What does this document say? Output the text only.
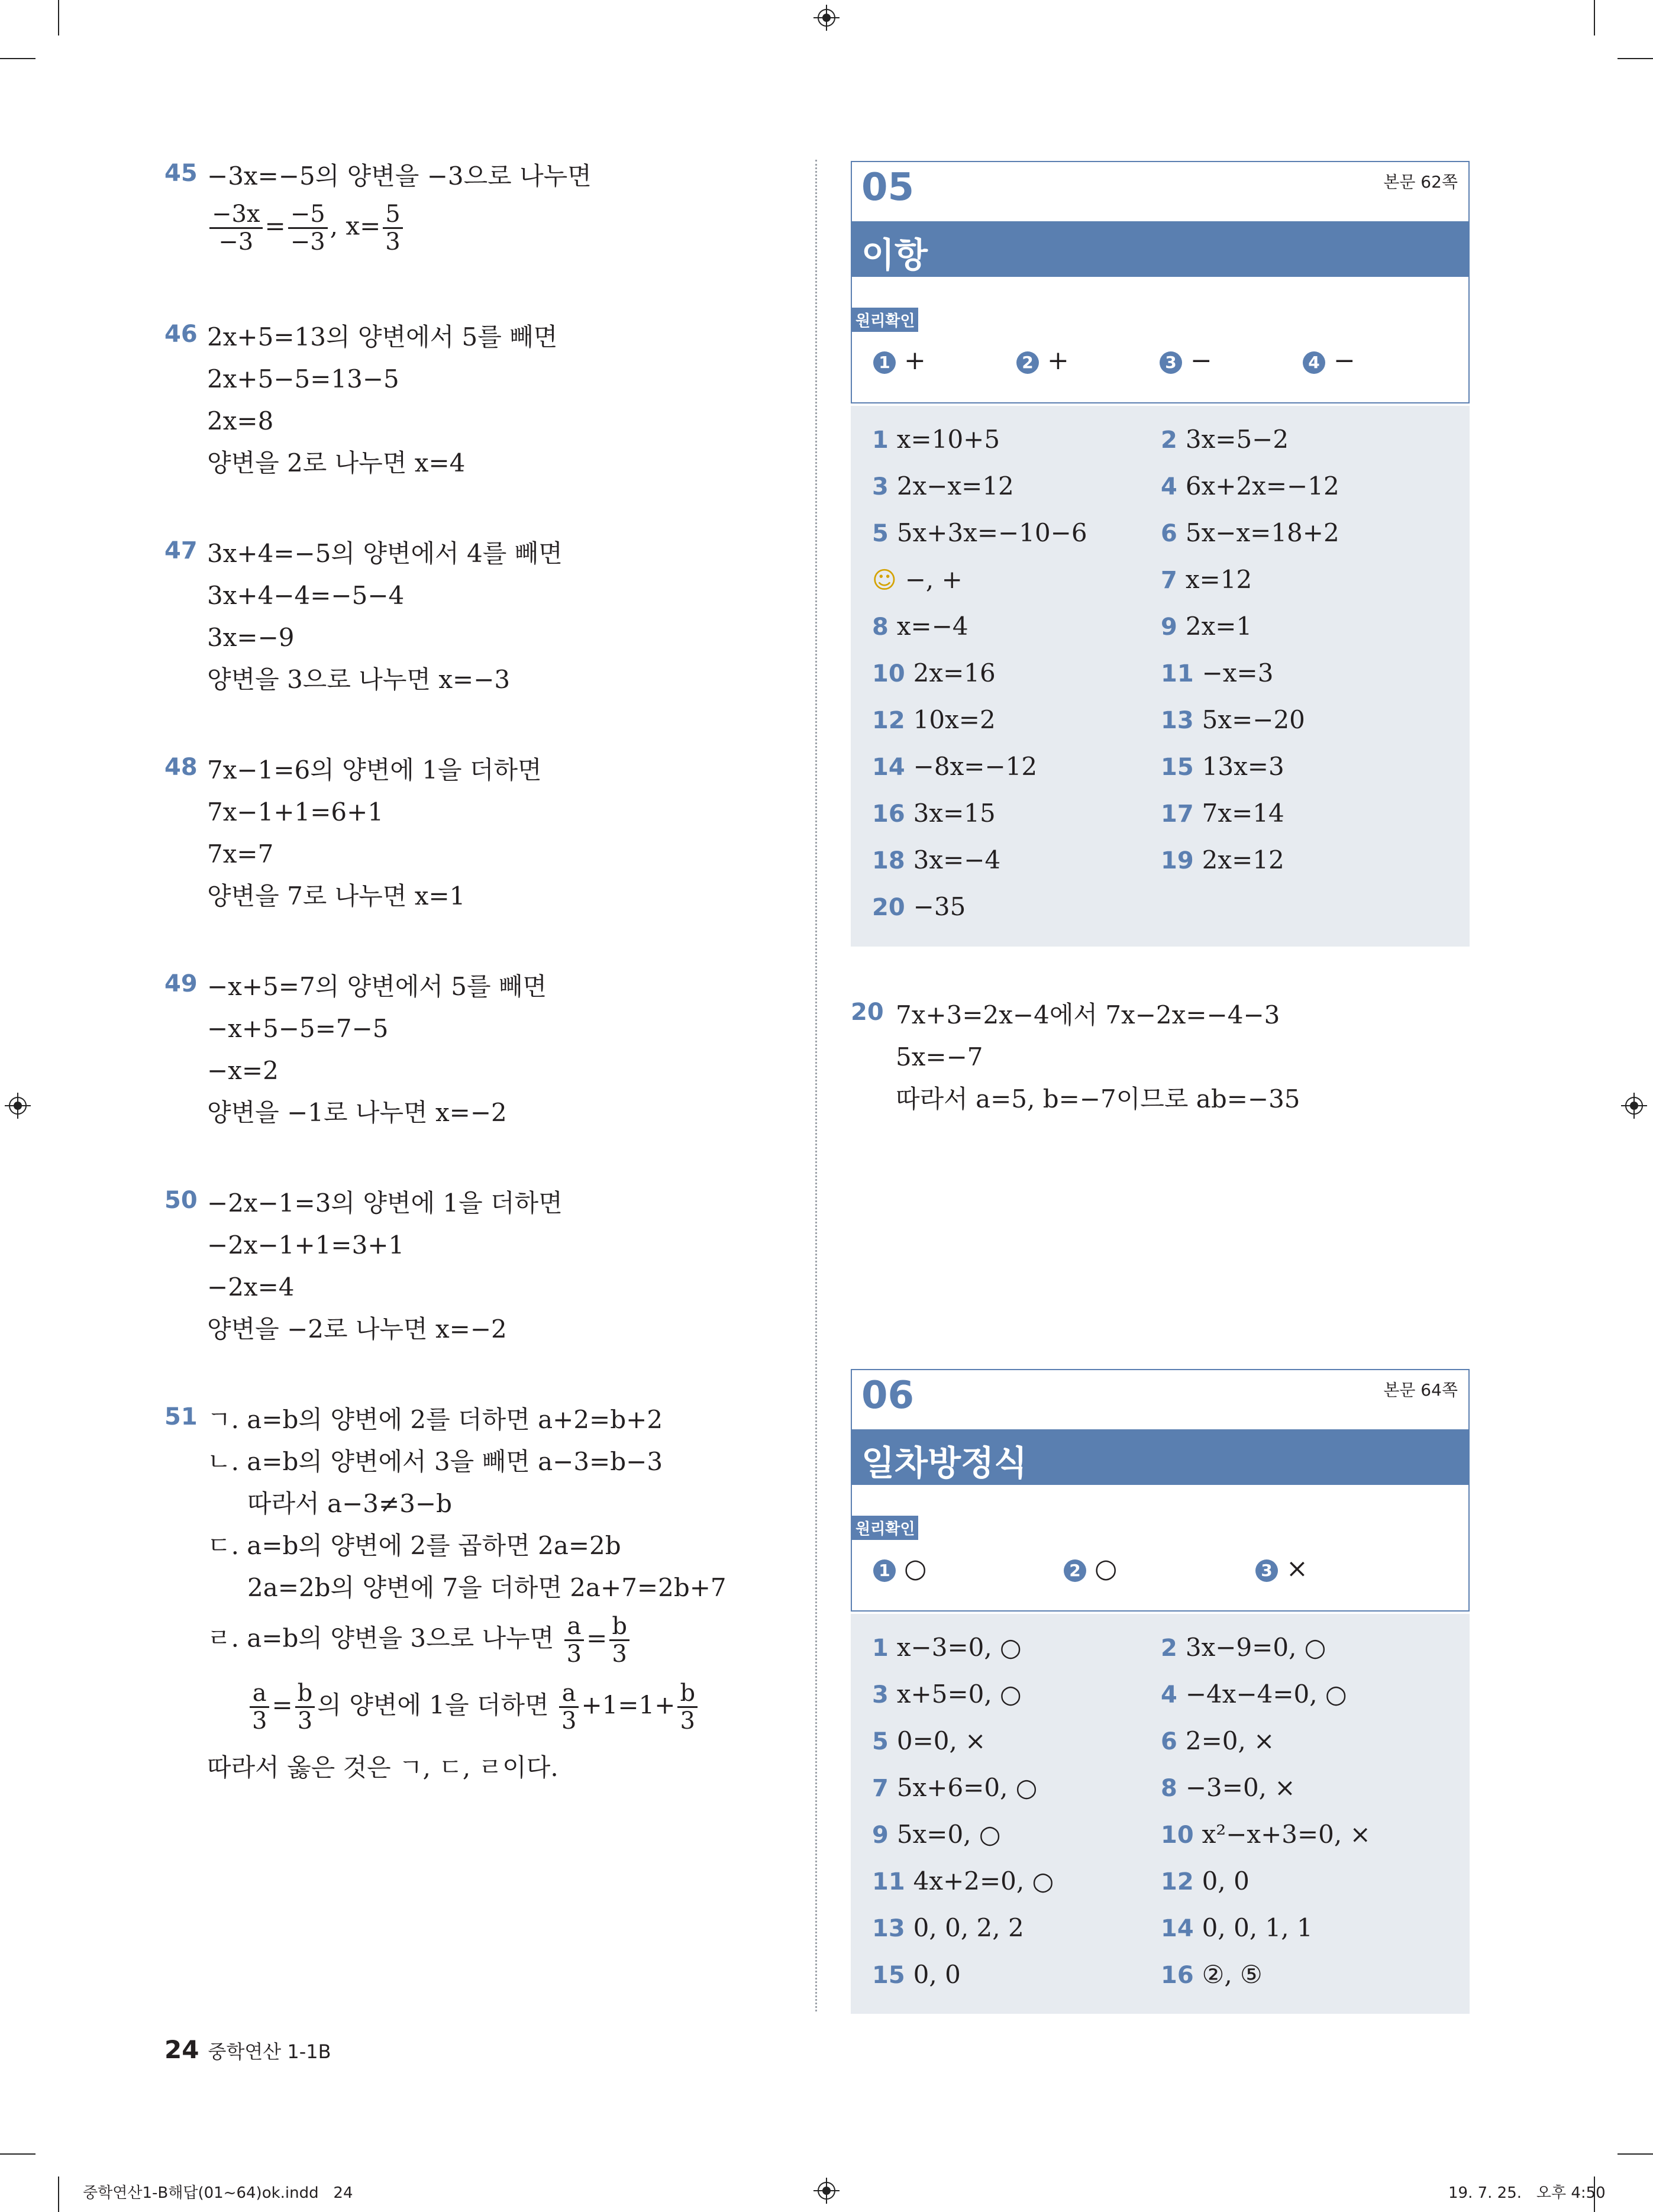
45 −3x=−5의 양변을 −3으로 나누면
$\frac{-3x}{-3} = \frac{-5}{-3}$ , $x= \frac{5}{3}$
46 2x+5=13의 양변에서 5를 빼면
2x+5−5=13−5
2x=8
양변을 2로 나누면 x=4
47 3x+4=−5의 양변에서 4를 빼면
3x+4−4=−5−4
3x=−9
양변을 3으로 나누면 x=−3
48 7x−1=6의 양변에 1을 더하면
7x−1+1=6+1
7x=7
양변을 7로 나누면 x=1
49 −x+5=7의 양변에서 5를 빼면
−x+5−5=7−5
−x=2
양변을 −1로 나누면 x=−2
50 −2x−1=3의 양변에 1을 더하면
−2x−1+1=3+1
−2x=4
양변을 −2로 나누면 x=−2
51 ㄱ. a=b의 양변에 2를 더하면 a+2=b+2
ㄴ. a=b의 양변에서 3을 빼면 a−3=b−3
따라서 a−3≠3−b
ㄷ. a=b의 양변에 2를 곱하면 2a=2b
2a=2b의 양변에 7을 더하면 2a+7=2b+7
ㄹ. a=b의 양변을 3으로 나누면 $\frac{a}{3} = \frac{b}{3}$
$\frac{a}{3} = \frac{b}{3}$ 의 양변에 1을 더하면 $\frac{a}{3} +1=1+ \frac{b}{3}$
따라서 옳은 것은 ㄱ, ㄷ, ㄹ이다.
05	본문 62쪽
이항
원리확인
1 +	2 +	3 −	4 −
1 x=10+5	2 3x=5−2
3 2x−x=12	4 6x+2x=−12
5 5x+3x=−10−6	6 5x−x=18+2
☺ −, +	7 x=12
8 x=−4	9 2x=1
10 2x=16	11 −x=3
12 10x=2	13 5x=−20
14 −8x=−12	15 13x=3
16 3x=15	17 7x=14
18 3x=−4	19 2x=12
20 −35
20 7x+3=2x−4에서 7x−2x=−4−3
5x=−7
따라서 a=5, b=−7이므로 ab=−35
06	본문 64쪽
일차방정식
원리확인
1 ○	2 ○	3 ×
1 x−3=0, ○	2 3x−9=0, ○
3 x+5=0, ○	4 −4x−4=0, ○
5 0=0, ×	6 2=0, ×
7 5x+6=0, ○	8 −3=0, ×
9 5x=0, ○	10 x²−x+3=0, ×
11 4x+2=0, ○	12 0, 0
13 0, 0, 2, 2	14 0, 0, 1, 1
15 0, 0	16 ②, ⑤
24 중학연산 1-1B
중학연산1-B해답(01~64)ok.indd   24	19. 7. 25.   오후 4:50
